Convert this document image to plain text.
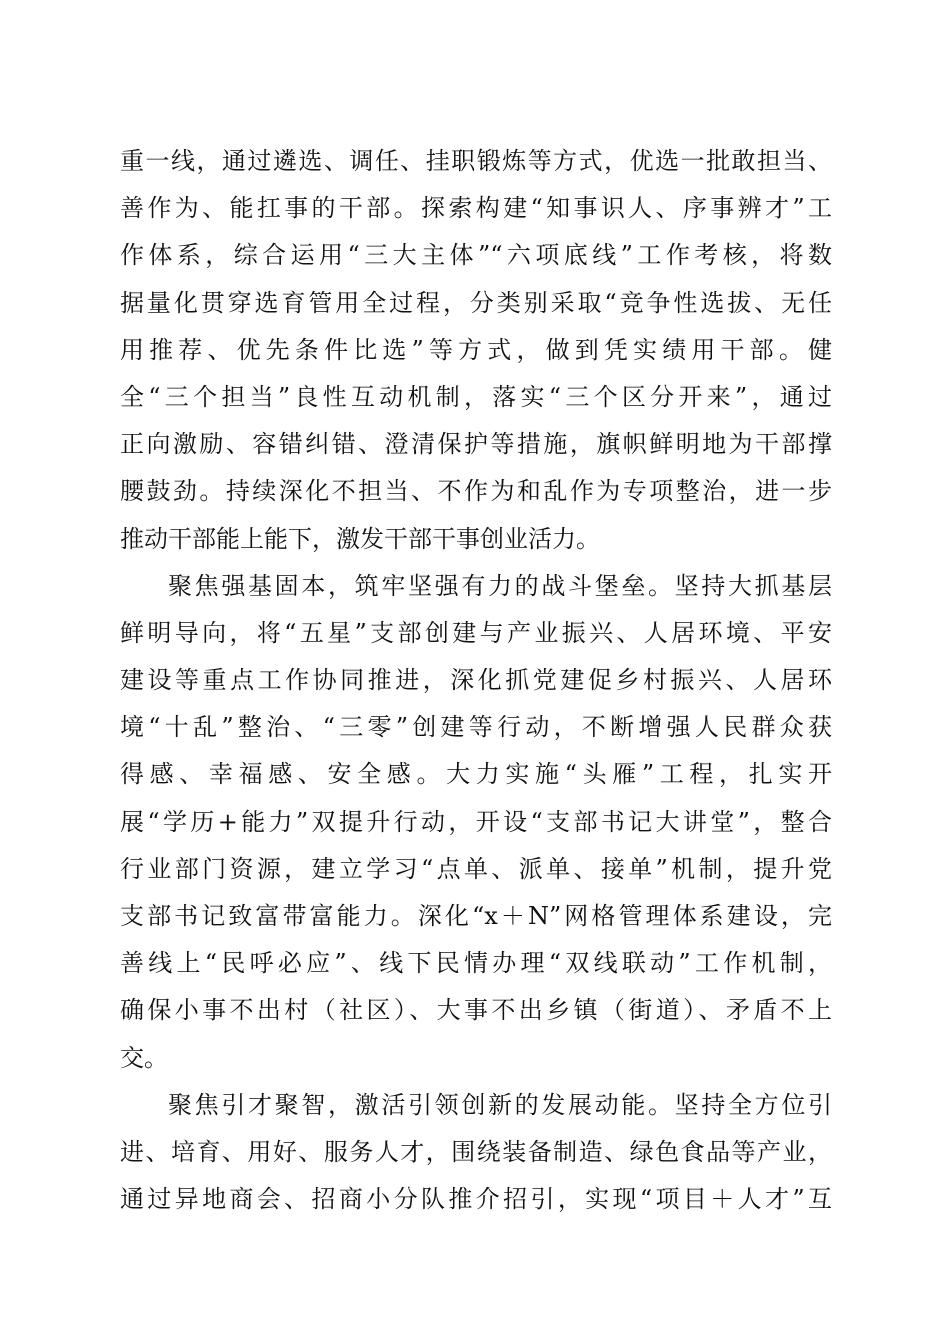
重一线，通过遴选、调任、挂职锻炼等方式，优选一批敢担当、
善作为、能扛事的干部。探索构建“知事识人、序事辨才”工
作体系，综合运用“三大主体”“六项底线”工作考核，将数
据量化贯穿选育管用全过程，分类别采取“竞争性选拔、无任
用推荐、优先条件比选”等方式，做到凭实绩用干部。健
全“三个担当”良性互动机制，落实“三个区分开来”，通过
正向激励、容错纠错、澄清保护等措施，旗帜鲜明地为干部撑
腰鼓劲。持续深化不担当、不作为和乱作为专项整治，进一步
推动干部能上能下，激发干部干事创业活力。
聚焦强基固本，筑牢坚强有力的战斗堡垒。坚持大抓基层
鲜明导向，将“五星”支部创建与产业振兴、人居环境、平安
建设等重点工作协同推进，深化抓党建促乡村振兴、人居环
境“十乱”整治、“三零”创建等行动，不断增强人民群众获
得感、幸福感、安全感。大力实施“头雁”工程，扎实开
展“学历+能力”双提升行动，开设“支部书记大讲堂”，整合
行业部门资源，建立学习“点单、派单、接单”机制，提升党
支部书记致富带富能力。深化“x＋N”网格管理体系建设，完
善线上“民呼必应”、线下民情办理“双线联动”工作机制，
确保小事不出村（社区）、大事不出乡镇（街道）、矛盾不上
交。
聚焦引才聚智，激活引领创新的发展动能。坚持全方位引
进、培育、用好、服务人才，围绕装备制造、绿色食品等产业，
通过异地商会、招商小分队推介招引，实现“项目＋人才”互
